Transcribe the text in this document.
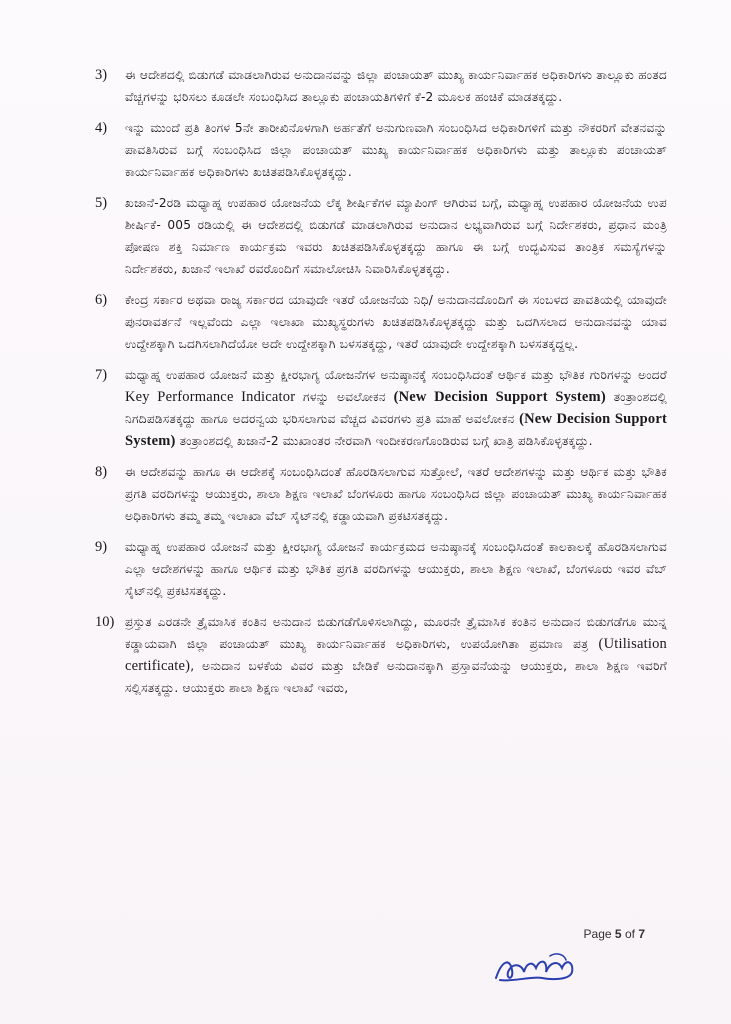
3)	ಈ ಆದೇಶದಲ್ಲಿ ಬಿಡುಗಡೆ ಮಾಡಲಾಗಿರುವ ಅನುದಾನವನ್ನು ಜಿಲ್ಲಾ ಪಂಚಾಯತ್ ಮುಖ್ಯ ಕಾರ್ಯನಿರ್ವಾಹಕ ಅಧಿಕಾರಿಗಳು ತಾಲ್ಲೂಕು ಹಂತದ ವೆಚ್ಚಗಳನ್ನು ಭರಿಸಲು ಕೂಡಲೇ ಸಂಬಂಧಿಸಿದ ತಾಲ್ಲೂಕು ಪಂಚಾಯತಿಗಳಿಗೆ ಕೆ-2 ಮೂಲಕ ಹಂಚಿಕೆ ಮಾಡತಕ್ಕದ್ದು.
4)	ಇನ್ನು ಮುಂದೆ ಪ್ರತಿ ತಿಂಗಳ 5ನೇ ತಾರೀಖಿನೊಳಗಾಗಿ ಅರ್ಹತೆಗೆ ಅನುಗುಣವಾಗಿ ಸಂಬಂಧಿಸಿದ ಅಧಿಕಾರಿಗಳಿಗೆ ಮತ್ತು ನೌಕರರಿಗೆ ವೇತನವನ್ನು ಪಾವತಿಸಿರುವ ಬಗ್ಗೆ ಸಂಬಂಧಿಸಿದ ಜಿಲ್ಲಾ ಪಂಚಾಯತ್ ಮುಖ್ಯ ಕಾರ್ಯನಿರ್ವಾಹಕ ಅಧಿಕಾರಿಗಳು ಮತ್ತು ತಾಲ್ಲೂಕು ಪಂಚಾಯತ್ ಕಾರ್ಯನಿರ್ವಾಹಕ ಅಧಿಕಾರಿಗಳು ಖಚಿತಪಡಿಸಿಕೊಳ್ಳತಕ್ಕದ್ದು.
5)	ಖಜಾನೆ-2ರಡಿ ಮಧ್ಯಾಹ್ನ ಉಪಹಾರ ಯೋಜನೆಯ ಲೆಕ್ಕ ಶೀರ್ಷಿಕೆಗಳ ಮ್ಯಾಪಿಂಗ್ ಆಗಿರುವ ಬಗ್ಗೆ, ಮಧ್ಯಾಹ್ನ ಉಪಹಾರ ಯೋಜನೆಯ ಉಪ ಶೀರ್ಷಿಕೆ- 005 ರಡಿಯಲ್ಲಿ ಈ ಆದೇಶದಲ್ಲಿ ಬಿಡುಗಡೆ ಮಾಡಲಾಗಿರುವ ಅನುದಾನ ಲಭ್ಯವಾಗಿರುವ ಬಗ್ಗೆ ನಿರ್ದೇಶಕರು, ಪ್ರಧಾನ ಮಂತ್ರಿ ಪೋಷಣ ಶಕ್ತಿ ನಿರ್ಮಾಣ ಕಾರ್ಯಕ್ರಮ ಇವರು ಖಚಿತಪಡಿಸಿಕೊಳ್ಳತಕ್ಕದ್ದು ಹಾಗೂ ಈ ಬಗ್ಗೆ ಉದ್ಭವಿಸುವ ತಾಂತ್ರಿಕ ಸಮಸ್ಯೆಗಳನ್ನು ನಿರ್ದೇಶಕರು, ಖಜಾನೆ ಇಲಾಖೆ ರವರೊಂದಿಗೆ ಸಮಾಲೋಚಿಸಿ ನಿವಾರಿಸಿಕೊಳ್ಳತಕ್ಕದ್ದು.
6)	ಕೇಂದ್ರ ಸರ್ಕಾರ ಅಥವಾ ರಾಜ್ಯ ಸರ್ಕಾರದ ಯಾವುದೇ ಇತರೆ ಯೋಜನೆಯ ನಿಧಿ/ ಅನುದಾನದೊಂದಿಗೆ ಈ ಸಂಬಳದ ಪಾವತಿಯಲ್ಲಿ ಯಾವುದೇ ಪುನರಾವರ್ತನೆ ಇಲ್ಲವೆಂದು ಎಲ್ಲಾ ಇಲಾಖಾ ಮುಖ್ಯಸ್ಥರುಗಳು ಖಚಿತಪಡಿಸಿಕೊಳ್ಳತಕ್ಕದ್ದು ಮತ್ತು ಒದಗಿಸಲಾದ ಅನುದಾನವನ್ನು ಯಾವ ಉದ್ದೇಶಕ್ಕಾಗಿ ಒದಗಿಸಲಾಗಿದೆಯೋ ಅದೇ ಉದ್ದೇಶಕ್ಕಾಗಿ ಬಳಸತಕ್ಕದ್ದು, ಇತರೆ ಯಾವುದೇ ಉದ್ದೇಶಕ್ಕಾಗಿ ಬಳಸತಕ್ಕದ್ದಲ್ಲ.
7)	ಮಧ್ಯಾಹ್ನ ಉಪಹಾರ ಯೋಜನೆ ಮತ್ತು ಕ್ಷೀರಭಾಗ್ಯ ಯೋಜನೆಗಳ ಅನುಷ್ಠಾನಕ್ಕೆ ಸಂಬಂಧಿಸಿದಂತೆ ಆರ್ಥಿಕ ಮತ್ತು ಭೌತಿಕ ಗುರಿಗಳನ್ನು ಅಂದರೆ Key Performance Indicator ಗಳನ್ನು ಅವಲೋಕನ (New Decision Support System) ತಂತ್ರಾಂಶದಲ್ಲಿ ನಿಗದಿಪಡಿಸತಕ್ಕದ್ದು ಹಾಗೂ ಅದರನ್ವಯ ಭರಿಸಲಾಗುವ ವೆಚ್ಚದ ವಿವರಗಳು ಪ್ರತಿ ಮಾಹೆ ಅವಲೋಕನ (New Decision Support System) ತಂತ್ರಾಂಶದಲ್ಲಿ ಖಜಾನೆ-2 ಮುಖಾಂತರ ನೇರವಾಗಿ ಇಂದೀಕರಣಗೊಂಡಿರುವ ಬಗ್ಗೆ ಖಾತ್ರಿ ಪಡಿಸಿಕೊಳ್ಳತಕ್ಕದ್ದು.
8)	ಈ ಆದೇಶವನ್ನು ಹಾಗೂ ಈ ಆದೇಶಕ್ಕೆ ಸಂಬಂಧಿಸಿದಂತೆ ಹೊರಡಿಸಲಾಗುವ ಸುತ್ತೋಲೆ, ಇತರೆ ಆದೇಶಗಳನ್ನು ಮತ್ತು ಆರ್ಥಿಕ ಮತ್ತು ಭೌತಿಕ ಪ್ರಗತಿ ವರದಿಗಳನ್ನು ಆಯುಕ್ತರು, ಶಾಲಾ ಶಿಕ್ಷಣ ಇಲಾಖೆ ಬೆಂಗಳೂರು ಹಾಗೂ ಸಂಬಂಧಿಸಿದ ಜಿಲ್ಲಾ ಪಂಚಾಯತ್ ಮುಖ್ಯ ಕಾರ್ಯನಿರ್ವಾಹಕ ಅಧಿಕಾರಿಗಳು ತಮ್ಮ ತಮ್ಮ ಇಲಾಖಾ ವೆಬ್ ಸೈಟ್‌ನಲ್ಲಿ ಕಡ್ಡಾಯವಾಗಿ ಪ್ರಕಟಿಸತಕ್ಕದ್ದು.
9)	ಮಧ್ಯಾಹ್ನ ಉಪಹಾರ ಯೋಜನೆ ಮತ್ತು ಕ್ಷೀರಭಾಗ್ಯ ಯೋಜನೆ ಕಾರ್ಯಕ್ರಮದ ಅನುಷ್ಠಾನಕ್ಕೆ ಸಂಬಂಧಿಸಿದಂತೆ ಕಾಲಕಾಲಕ್ಕೆ ಹೊರಡಿಸಲಾಗುವ ಎಲ್ಲಾ ಆದೇಶಗಳನ್ನು ಹಾಗೂ ಆರ್ಥಿಕ ಮತ್ತು ಭೌತಿಕ ಪ್ರಗತಿ ವರದಿಗಳನ್ನು ಆಯುಕ್ತರು, ಶಾಲಾ ಶಿಕ್ಷಣ ಇಲಾಖೆ, ಬೆಂಗಳೂರು ಇವರ ವೆಬ್ ಸೈಟ್‌ನಲ್ಲಿ ಪ್ರಕಟಿಸತಕ್ಕದ್ದು.
10) ಪ್ರಸ್ತುತ ಎರಡನೇ ತ್ರೈಮಾಸಿಕ ಕಂತಿನ ಅನುದಾನ ಬಿಡುಗಡೆಗೊಳಿಸಲಾಗಿದ್ದು, ಮೂರನೇ ತ್ರೈಮಾಸಿಕ ಕಂತಿನ ಅನುದಾನ ಬಿಡುಗಡೆಗೂ ಮುನ್ನ ಕಡ್ಡಾಯವಾಗಿ ಜಿಲ್ಲಾ ಪಂಚಾಯತ್ ಮುಖ್ಯ ಕಾರ್ಯನಿರ್ವಾಹಕ ಅಧಿಕಾರಿಗಳು, ಉಪಯೋಗಿತಾ ಪ್ರಮಾಣ ಪತ್ರ (Utilisation certificate), ಅನುದಾನ ಬಳಕೆಯ ವಿವರ ಮತ್ತು ಬೇಡಿಕೆ ಅನುದಾನಕ್ಕಾಗಿ ಪ್ರಸ್ತಾವನೆಯನ್ನು ಆಯುಕ್ತರು, ಶಾಲಾ ಶಿಕ್ಷಣ ಇವರಿಗೆ ಸಲ್ಲಿಸತಕ್ಕದ್ದು. ಆಯುಕ್ತರು ಶಾಲಾ ಶಿಕ್ಷಣ ಇಲಾಖೆ ಇವರು,
Page 5 of 7
